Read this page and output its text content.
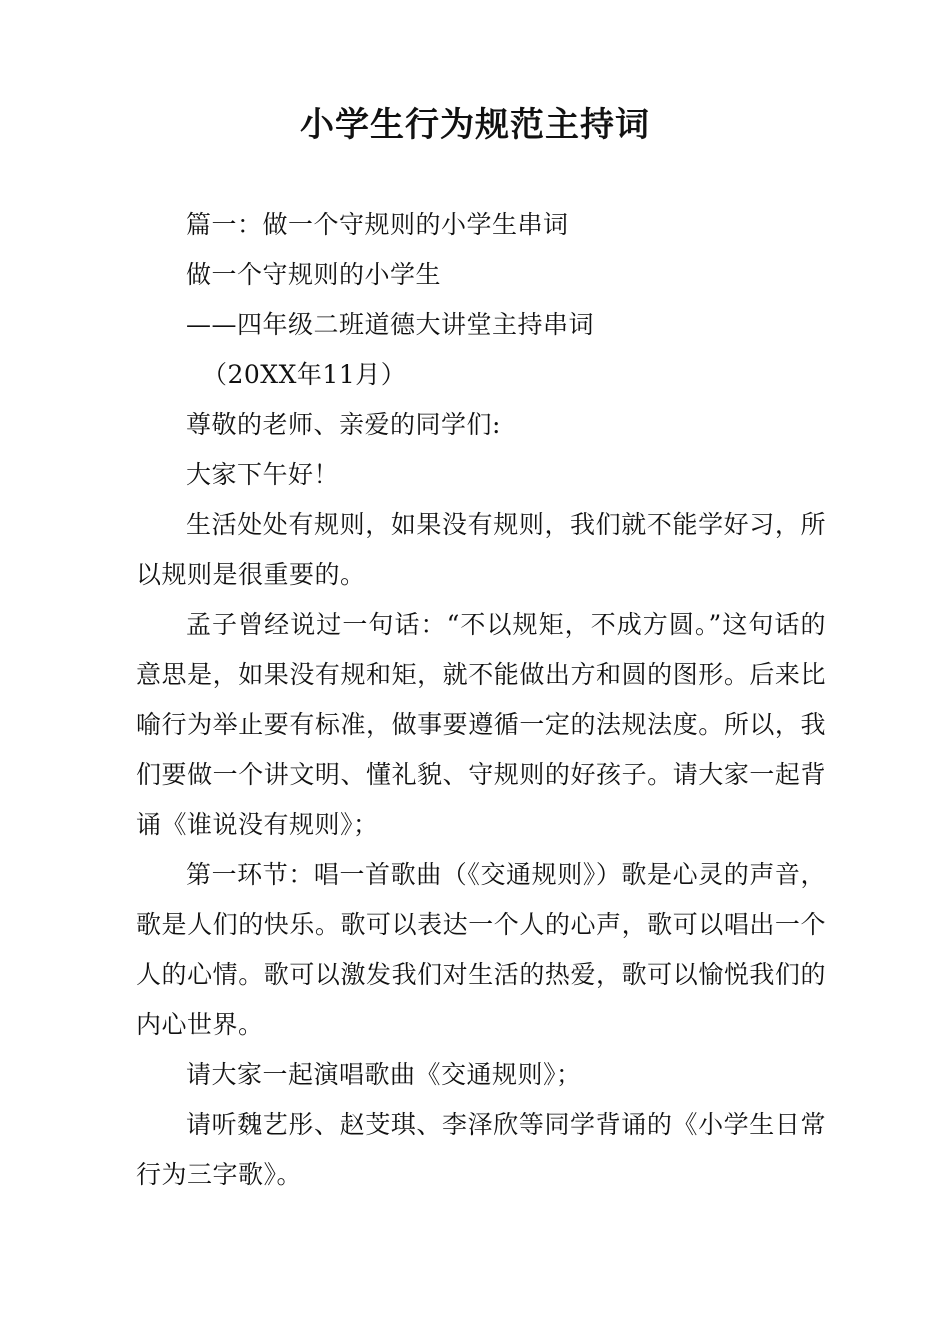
小学生行为规范主持词

篇一：做一个守规则的小学生串词

做一个守规则的小学生

——四年级二班道德大讲堂主持串词

（20XX年11月）

尊敬的老师、亲爱的同学们:

大家下午好！

生活处处有规则，如果没有规则，我们就不能学好习，所以规则是很重要的。

孟子曾经说过一句话：“不以规矩，不成方圆。”这句话的意思是，如果没有规和矩，就不能做出方和圆的图形。后来比喻行为举止要有标准，做事要遵循一定的法规法度。所以，我们要做一个讲文明、懂礼貌、守规则的好孩子。请大家一起背诵《谁说没有规则》；

第一环节：唱一首歌曲（《交通规则》）歌是心灵的声音，歌是人们的快乐。歌可以表达一个人的心声，歌可以唱出一个人的心情。歌可以激发我们对生活的热爱，歌可以愉悦我们的内心世界。

请大家一起演唱歌曲《交通规则》；

请听魏艺彤、赵芠琪、李泽欣等同学背诵的《小学生日常行为三字歌》。
